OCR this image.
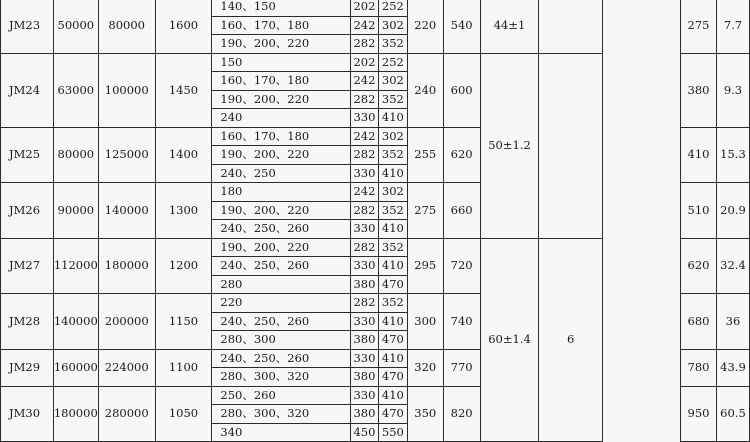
JM23	50000	80000	1600	140、150	202	252	220	540	44±1			275	7.7
				160、170、180	242	302							
				190、200、220	282	352							
JM24	63000	100000	1450	150	202	252	240	600	50±1.2			380	9.3
				160、170、180	242	302							
				190、200、220	282	352							
				240	330	410							
JM25	80000	125000	1400	160、170、180	242	302	255	620				410	15.3
				190、200、220	282	352							
				240、250	330	410							
JM26	90000	140000	1300	180	242	302	275	660				510	20.9
				190、200、220	282	352							
				240、250、260	330	410							
JM27	112000	180000	1200	190、200、220	282	352	295	720	60±1.4	6		620	32.4
				240、250、260	330	410							
				280	380	470							
JM28	140000	200000	1150	220	282	352	300	740				680	36
				240、250、260	330	410							
				280、300	380	470							
JM29	160000	224000	1100	240、250、260	330	410	320	770				780	43.9
				280、300、320	380	470							
JM30	180000	280000	1050	250、260	330	410	350	820				950	60.5
				280、300、320	380	470							
				340	450	550							
